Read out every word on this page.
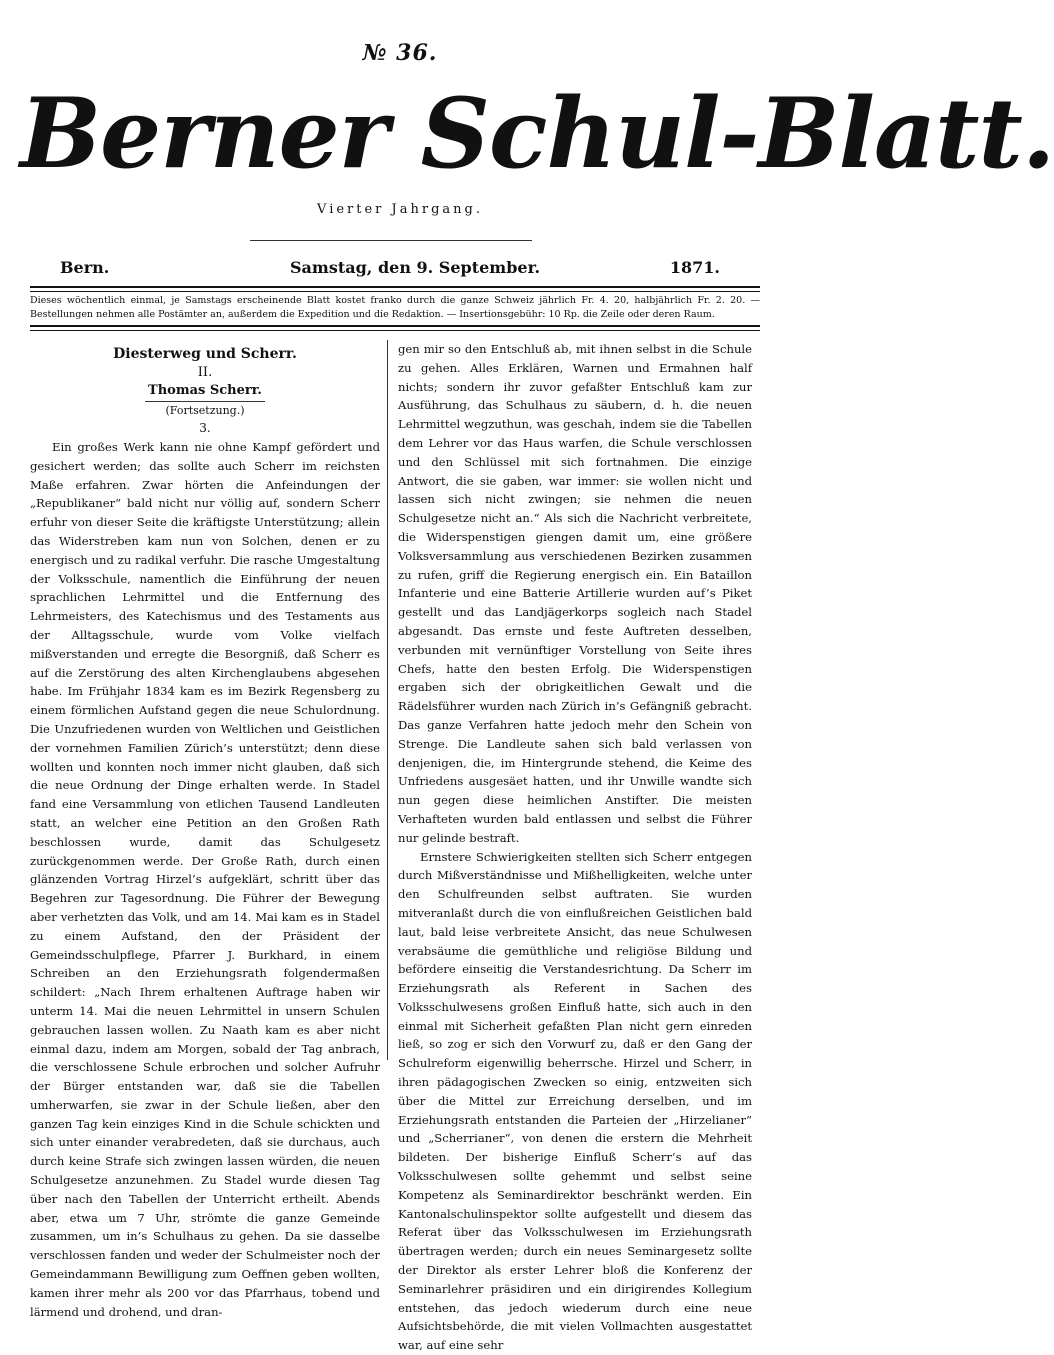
№ 36.
Berner Schul-Blatt.
Vierter Jahrgang.
Bern.	Samstag, den 9. September.	1871.
Dieses wöchentlich einmal, je Samstags erscheinende Blatt kostet franko durch die ganze Schweiz jährlich Fr. 4. 20, halbjährlich Fr. 2. 20. — Bestellungen nehmen alle Postämter an, außerdem die Expedition und die Redaktion. — Insertionsgebühr: 10 Rp. die Zeile oder deren Raum.
Diesterweg und Scherr.
II.
Thomas Scherr.
(Fortsetzung.)
3.

Ein großes Werk kann nie ohne Kampf gefördert und gesichert werden; das sollte auch Scherr im reichsten Maße erfahren. Zwar hörten die Anfeindungen der „Republikaner“ bald nicht nur völlig auf, sondern Scherr erfuhr von dieser Seite die kräftigste Unterstützung; allein das Widerstreben kam nun von Solchen, denen er zu energisch und zu radikal verfuhr. Die rasche Umgestaltung der Volksschule, namentlich die Einführung der neuen sprachlichen Lehrmittel und die Entfernung des Lehrmeisters, des Katechismus und des Testaments aus der Alltagsschule, wurde vom Volke vielfach mißverstanden und erregte die Besorgniß, daß Scherr es auf die Zerstörung des alten Kirchenglaubens abgesehen habe. Im Frühjahr 1834 kam es im Bezirk Regensberg zu einem förmlichen Aufstand gegen die neue Schulordnung. Die Unzufriedenen wurden von Weltlichen und Geistlichen der vornehmen Familien Zürich’s unterstützt; denn diese wollten und konnten noch immer nicht glauben, daß sich die neue Ordnung der Dinge erhalten werde. In Stadel fand eine Versammlung von etlichen Tausend Landleuten statt, an welcher eine Petition an den Großen Rath beschlossen wurde, damit das Schulgesetz zurückgenommen werde. Der Große Rath, durch einen glänzenden Vortrag Hirzel’s aufgeklärt, schritt über das Begehren zur Tagesordnung. Die Führer der Bewegung aber verhetzten das Volk, und am 14. Mai kam es in Stadel zu einem Aufstand, den der Präsident der Gemeindsschulpflege, Pfarrer J. Burkhard, in einem Schreiben an den Erziehungsrath folgendermaßen schildert: „Nach Ihrem erhaltenen Auftrage haben wir unterm 14. Mai die neuen Lehrmittel in unsern Schulen gebrauchen lassen wollen. Zu Naath kam es aber nicht einmal dazu, indem am Morgen, sobald der Tag anbrach, die verschlossene Schule erbrochen und solcher Aufruhr der Bürger entstanden war, daß sie die Tabellen umherwarfen, sie zwar in der Schule ließen, aber den ganzen Tag kein einziges Kind in die Schule schickten und sich unter einander verabredeten, daß sie durchaus, auch durch keine Strafe sich zwingen lassen würden, die neuen Schulgesetze anzunehmen. Zu Stadel wurde diesen Tag über nach den Tabellen der Unterricht ertheilt. Abends aber, etwa um 7 Uhr, strömte die ganze Gemeinde zusammen, um in’s Schulhaus zu gehen. Da sie dasselbe verschlossen fanden und weder der Schulmeister noch der Gemeindammann Bewilligung zum Oeffnen geben wollten, kamen ihrer mehr als 200 vor das Pfarrhaus, tobend und lärmend und drohend, und dran-

gen mir so den Entschluß ab, mit ihnen selbst in die Schule zu gehen. Alles Erklären, Warnen und Ermahnen half nichts; sondern ihr zuvor gefaßter Entschluß kam zur Ausführung, das Schulhaus zu säubern, d. h. die neuen Lehrmittel wegzuthun, was geschah, indem sie die Tabellen dem Lehrer vor das Haus warfen, die Schule verschlossen und den Schlüssel mit sich fortnahmen. Die einzige Antwort, die sie gaben, war immer: sie wollen nicht und lassen sich nicht zwingen; sie nehmen die neuen Schulgesetze nicht an.“ Als sich die Nachricht verbreitete, die Widerspenstigen giengen damit um, eine größere Volksversammlung aus verschiedenen Bezirken zusammen zu rufen, griff die Regierung energisch ein. Ein Bataillon Infanterie und eine Batterie Artillerie wurden auf’s Piket gestellt und das Landjägerkorps sogleich nach Stadel abgesandt. Das ernste und feste Auftreten desselben, verbunden mit vernünftiger Vorstellung von Seite ihres Chefs, hatte den besten Erfolg. Die Widerspenstigen ergaben sich der obrigkeitlichen Gewalt und die Rädelsführer wurden nach Zürich in’s Gefängniß gebracht. Das ganze Verfahren hatte jedoch mehr den Schein von Strenge. Die Landleute sahen sich bald verlassen von denjenigen, die, im Hintergrunde stehend, die Keime des Unfriedens ausgesäet hatten, und ihr Unwille wandte sich nun gegen diese heimlichen Anstifter. Die meisten Verhafteten wurden bald entlassen und selbst die Führer nur gelinde bestraft.

Ernstere Schwierigkeiten stellten sich Scherr entgegen durch Mißverständnisse und Mißhelligkeiten, welche unter den Schulfreunden selbst auftraten. Sie wurden mitveranlaßt durch die von einflußreichen Geistlichen bald laut, bald leise verbreitete Ansicht, das neue Schulwesen verabsäume die gemüthliche und religiöse Bildung und befördere einseitig die Verstandesrichtung. Da Scherr im Erziehungsrath als Referent in Sachen des Volksschulwesens großen Einfluß hatte, sich auch in den einmal mit Sicherheit gefaßten Plan nicht gern einreden ließ, so zog er sich den Vorwurf zu, daß er den Gang der Schulreform eigenwillig beherrsche. Hirzel und Scherr, in ihren pädagogischen Zwecken so einig, entzweiten sich über die Mittel zur Erreichung derselben, und im Erziehungsrath entstanden die Parteien der „Hirzelianer“ und „Scherrianer“, von denen die erstern die Mehrheit bildeten. Der bisherige Einfluß Scherr’s auf das Volksschulwesen sollte gehemmt und selbst seine Kompetenz als Seminardirektor beschränkt werden. Ein Kantonalschulinspektor sollte aufgestellt und diesem das Referat über das Volksschulwesen im Erziehungsrath übertragen werden; durch ein neues Seminargesetz sollte der Direktor als erster Lehrer bloß die Konferenz der Seminarlehrer präsidiren und ein dirigirendes Kollegium entstehen, das jedoch wiederum durch eine neue Aufsichtsbehörde, die mit vielen Vollmachten ausgestattet war, auf eine sehr
